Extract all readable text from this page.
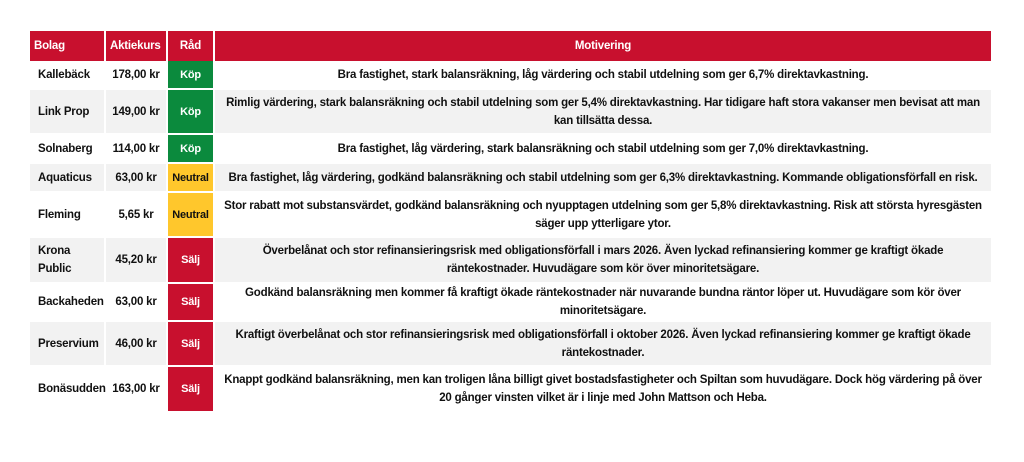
Bolag	Aktiekurs	Råd	Motivering
Kallebäck	178,00 kr	Köp	Bra fastighet, stark balansräkning, låg värdering och stabil utdelning som ger 6,7% direktavkastning.
Link Prop	149,00 kr	Köp	Rimlig värdering, stark balansräkning och stabil utdelning som ger 5,4% direktavkastning. Har tidigare haft stora vakanser men bevisat att man kan tillsätta dessa.
Solnaberg	114,00 kr	Köp	Bra fastighet, låg värdering, stark balansräkning och stabil utdelning som ger 7,0% direktavkastning.
Aquaticus	63,00 kr	Neutral	Bra fastighet, låg värdering, godkänd balansräkning och stabil utdelning som ger 6,3% direktavkastning. Kommande obligationsförfall en risk.
Fleming	5,65 kr	Neutral	Stor rabatt mot substansvärdet, godkänd balansräkning och nyupptagen utdelning som ger 5,8% direktavkastning. Risk att största hyresgästen säger upp ytterligare ytor.
Krona Public	45,20 kr	Sälj	Överbelånat och stor refinansieringsrisk med obligationsförfall i mars 2026. Även lyckad refinansiering kommer ge kraftigt ökade räntekostnader. Huvudägare som kör över minoritetsägare.
Backaheden	63,00 kr	Sälj	Godkänd balansräkning men kommer få kraftigt ökade räntekostnader när nuvarande bundna räntor löper ut. Huvudägare som kör över minoritetsägare.
Preservium	46,00 kr	Sälj	Kraftigt överbelånat och stor refinansieringsrisk med obligationsförfall i oktober 2026. Även lyckad refinansiering kommer ge kraftigt ökade räntekostnader.
Bonäsudden	163,00 kr	Sälj	Knappt godkänd balansräkning, men kan troligen låna billigt givet bostadsfastigheter och Spiltan som huvudägare. Dock hög värdering på över 20 gånger vinsten vilket är i linje med John Mattson och Heba.
